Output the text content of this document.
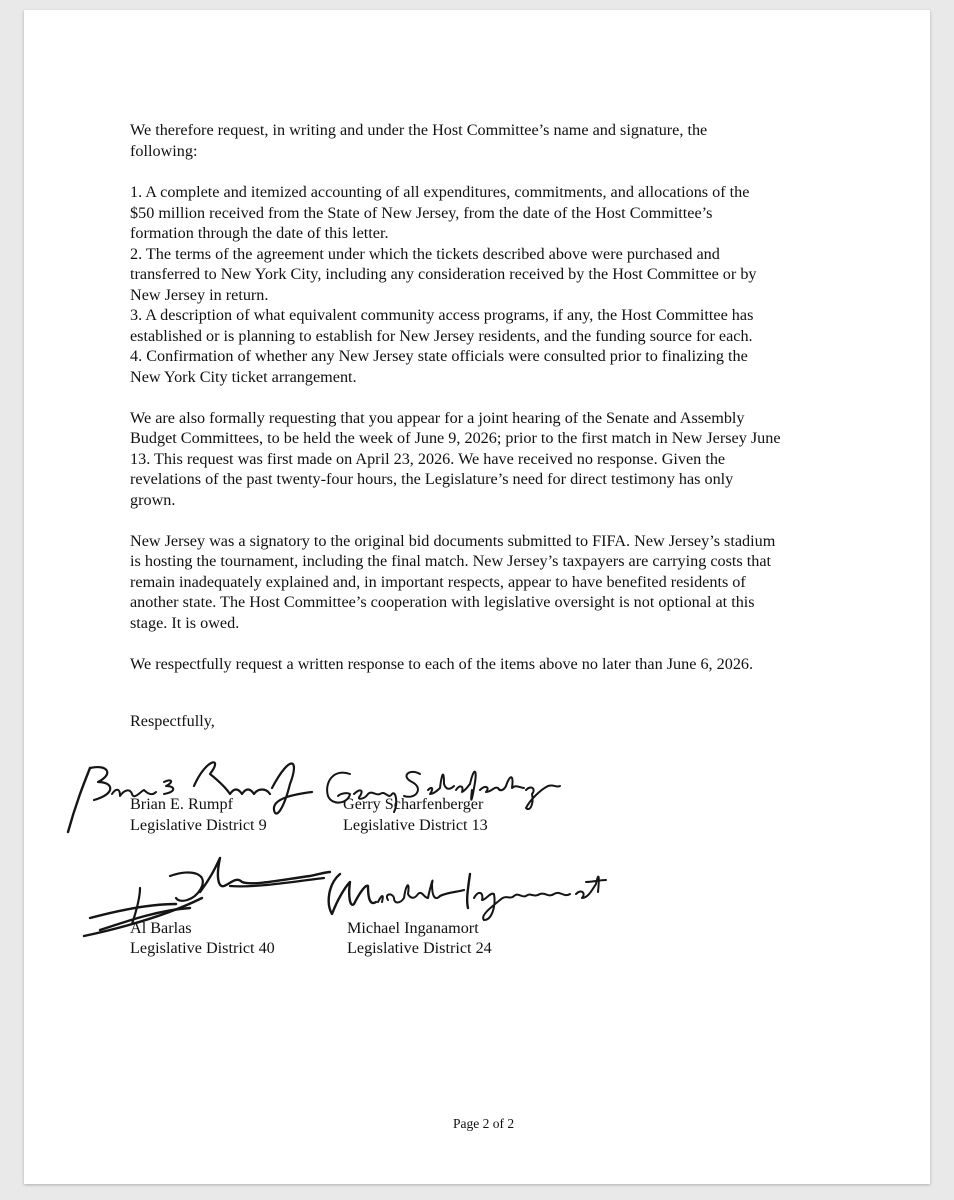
We therefore request, in writing and under the Host Committee’s name and signature, the
following:
1. A complete and itemized accounting of all expenditures, commitments, and allocations of the
$50 million received from the State of New Jersey, from the date of the Host Committee’s
formation through the date of this letter.
2. The terms of the agreement under which the tickets described above were purchased and
transferred to New York City, including any consideration received by the Host Committee or by
New Jersey in return.
3. A description of what equivalent community access programs, if any, the Host Committee has
established or is planning to establish for New Jersey residents, and the funding source for each.
4. Confirmation of whether any New Jersey state officials were consulted prior to finalizing the
New York City ticket arrangement.
We are also formally requesting that you appear for a joint hearing of the Senate and Assembly
Budget Committees, to be held the week of June 9, 2026; prior to the first match in New Jersey June
13. This request was first made on April 23, 2026. We have received no response. Given the
revelations of the past twenty-four hours, the Legislature’s need for direct testimony has only
grown.
New Jersey was a signatory to the original bid documents submitted to FIFA. New Jersey’s stadium
is hosting the tournament, including the final match. New Jersey’s taxpayers are carrying costs that
remain inadequately explained and, in important respects, appear to have benefited residents of
another state. The Host Committee’s cooperation with legislative oversight is not optional at this
stage. It is owed.
We respectfully request a written response to each of the items above no later than June 6, 2026.
Respectfully,
Brian E. Rumpf
Legislative District 9
Gerry Scharfenberger
Legislative District 13
Al Barlas
Legislative District 40
Michael Inganamort
Legislative District 24
Page 2 of 2
